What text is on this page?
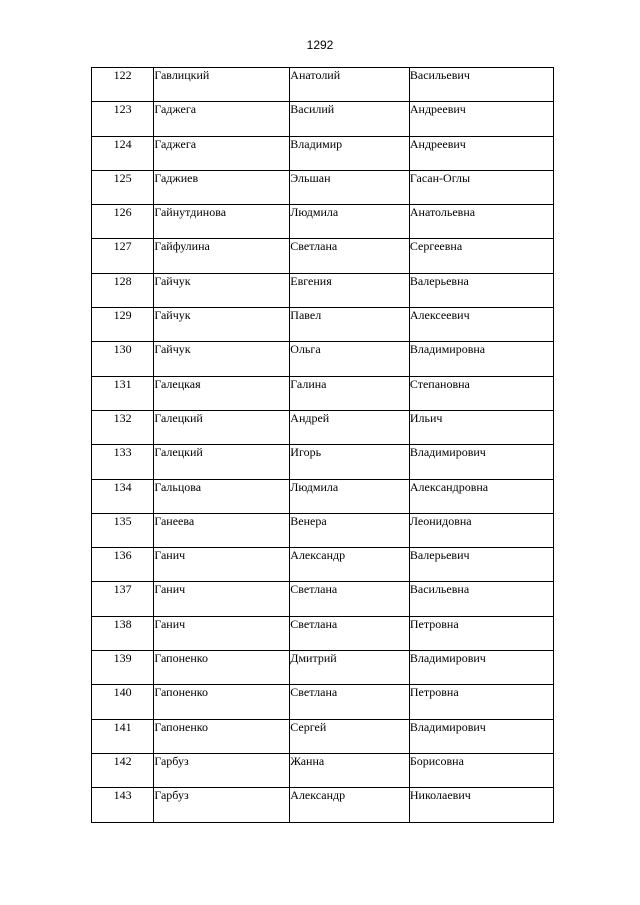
1292
122	Гавлицкий	Анатолий	Васильевич

123	Гаджега	Василий	Андреевич

124	Гаджега	Владимир	Андреевич

125	Гаджиев	Эльшан	Гасан-Оглы

126	Гайнутдинова	Людмила	Анатольевна

127	Гайфулина	Светлана	Сергеевна

128	Гайчук	Евгения	Валерьевна

129	Гайчук	Павел	Алексеевич

130	Гайчук	Ольга	Владимировна

131	Галецкая	Галина	Степановна

132	Галецкий	Андрей	Ильич

133	Галецкий	Игорь	Владимирович

134	Гальцова	Людмила	Александровна

135	Ганеева	Венера	Леонидовна

136	Ганич	Александр	Валерьевич

137	Ганич	Светлана	Васильевна

138	Ганич	Светлана	Петровна

139	Гапоненко	Дмитрий	Владимирович

140	Гапоненко	Светлана	Петровна

141	Гапоненко	Сергей	Владимирович

142	Гарбуз	Жанна	Борисовна

143	Гарбуз	Александр	Николаевич
